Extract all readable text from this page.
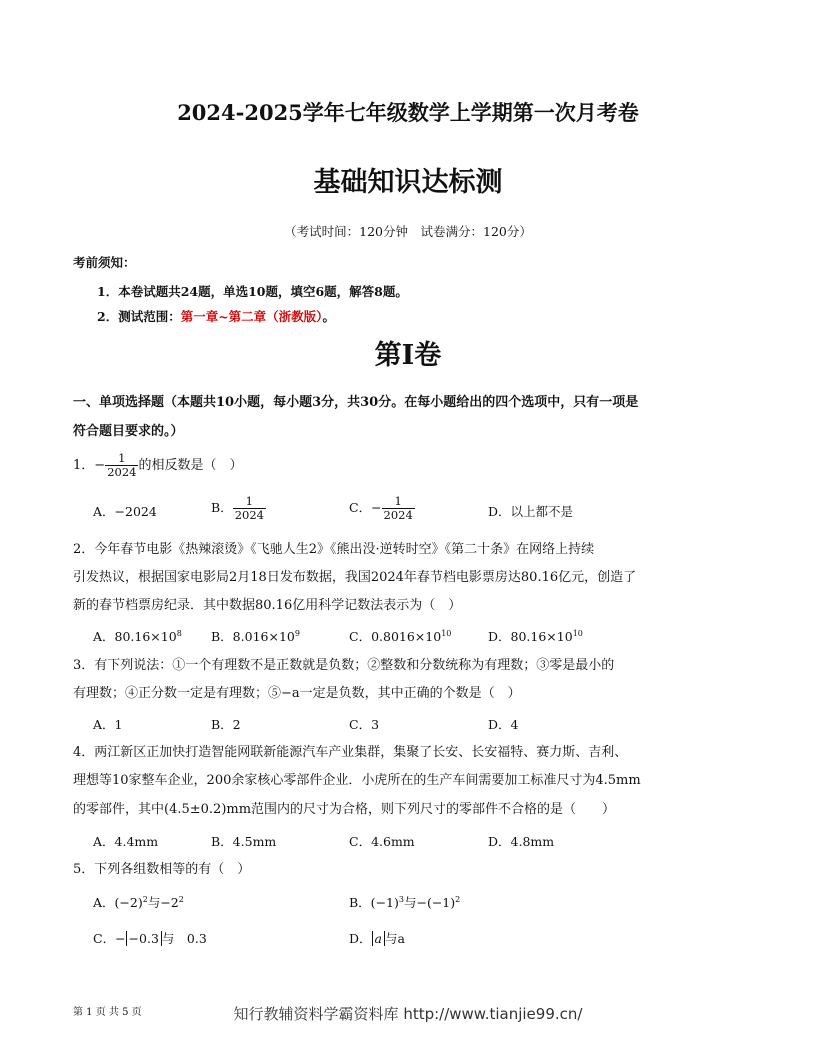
2024-2025学年七年级数学上学期第一次月考卷
基础知识达标测
（考试时间：120分钟　试卷满分：120分）
考前须知：
1．本卷试题共24题，单选10题，填空6题，解答8题。
2．测试范围：第一章~第二章（浙教版）。
第Ⅰ卷
一、单项选择题（本题共10小题，每小题3分，共30分。在每小题给出的四个选项中，只有一项是
符合题目要求的。）
1．− $\frac{1}{2024}$ 的相反数是（　）
A．−2024	B． $\frac{1}{2024}$	C．− $\frac{1}{2024}$	D．以上都不是
2．今年春节电影《热辣滚烫》《飞驰人生2》《熊出没·逆转时空》《第二十条》在网络上持续
引发热议，根据国家电影局2月18日发布数据，我国2024年春节档电影票房达80.16亿元，创造了
新的春节档票房纪录．其中数据80.16亿用科学记数法表示为（　）
A．$80.16\times 10^8$ B．$8.016\times 10^9$	C．$0.8016\times 10^{10}$	D．$80.16\times 10^{10}$
3．有下列说法：①一个有理数不是正数就是负数；②整数和分数统称为有理数；③零是最小的
有理数；④正分数一定是有理数；⑤−a一定是负数，其中正确的个数是（　）
A．1	B．2	C．3	D．4
4．两江新区正加快打造智能网联新能源汽车产业集群，集聚了长安、长安福特、赛力斯、吉利、
理想等10家整车企业，200余家核心零部件企业．小虎所在的生产车间需要加工标准尺寸为4.5mm
的零部件，其中(4.5±0.2)mm范围内的尺寸为合格，则下列尺寸的零部件不合格的是（　　）
A．4.4mm	B．4.5mm	C．4.6mm	D．4.8mm
5．下列各组数相等的有（　）
A．$(-2)^2$与$-2^2$	B．$(-1)^3$与$-(-1)^2$
C．− −0.3 与　0.3	D． a 与a
第 1 页 共 5 页	知行教辅资料学霸资料库 http://www.tianjie99.cn/
